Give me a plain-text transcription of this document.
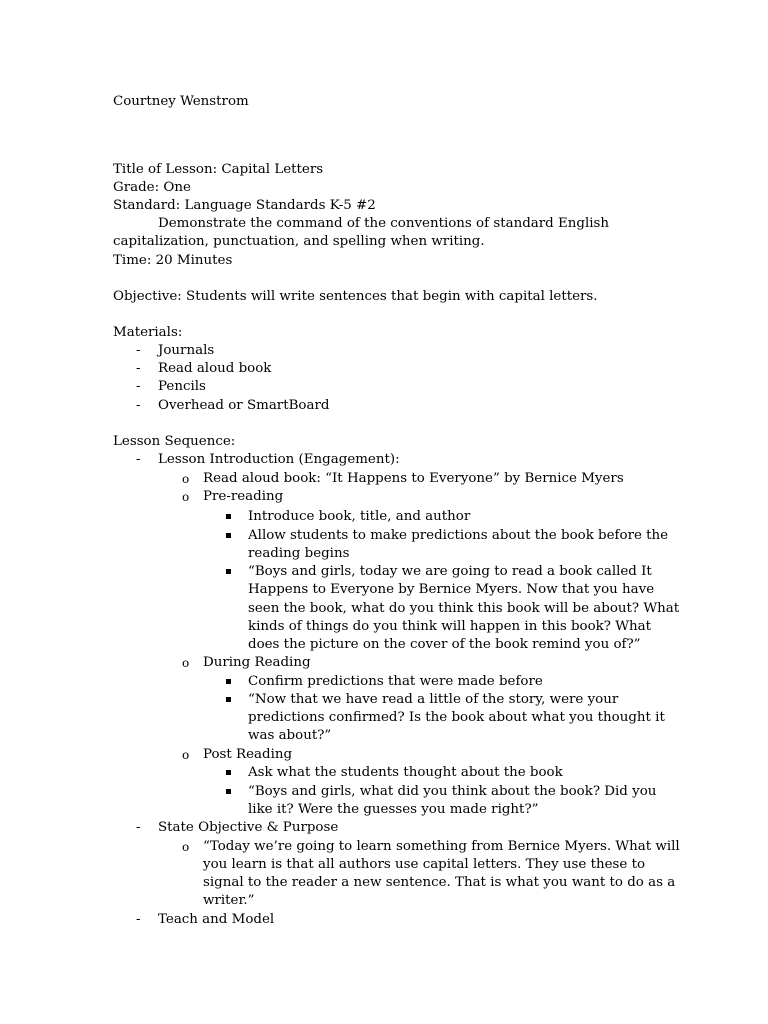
Courtney Wenstrom
Title of Lesson: Capital Letters
Grade: One
Standard: Language Standards K-5 #2
Demonstrate the command of the conventions of standard English
capitalization, punctuation, and spelling when writing.
Time: 20 Minutes
Objective: Students will write sentences that begin with capital letters.
Materials:
- Journals
- Read aloud book
- Pencils
- Overhead or SmartBoard
Lesson Sequence:
- Lesson Introduction (Engagement):
o Read aloud book: “It Happens to Everyone” by Bernice Myers
o Pre-reading
Introduce book, title, and author
Allow students to make predictions about the book before the
reading begins
“Boys and girls, today we are going to read a book called It
Happens to Everyone by Bernice Myers. Now that you have
seen the book, what do you think this book will be about? What
kinds of things do you think will happen in this book? What
does the picture on the cover of the book remind you of?”
o During Reading
Confirm predictions that were made before
“Now that we have read a little of the story, were your
predictions confirmed? Is the book about what you thought it
was about?”
o Post Reading
Ask what the students thought about the book
“Boys and girls, what did you think about the book? Did you
like it? Were the guesses you made right?”
- State Objective & Purpose
o “Today we’re going to learn something from Bernice Myers. What will
you learn is that all authors use capital letters. They use these to
signal to the reader a new sentence. That is what you want to do as a
writer.”
- Teach and Model
